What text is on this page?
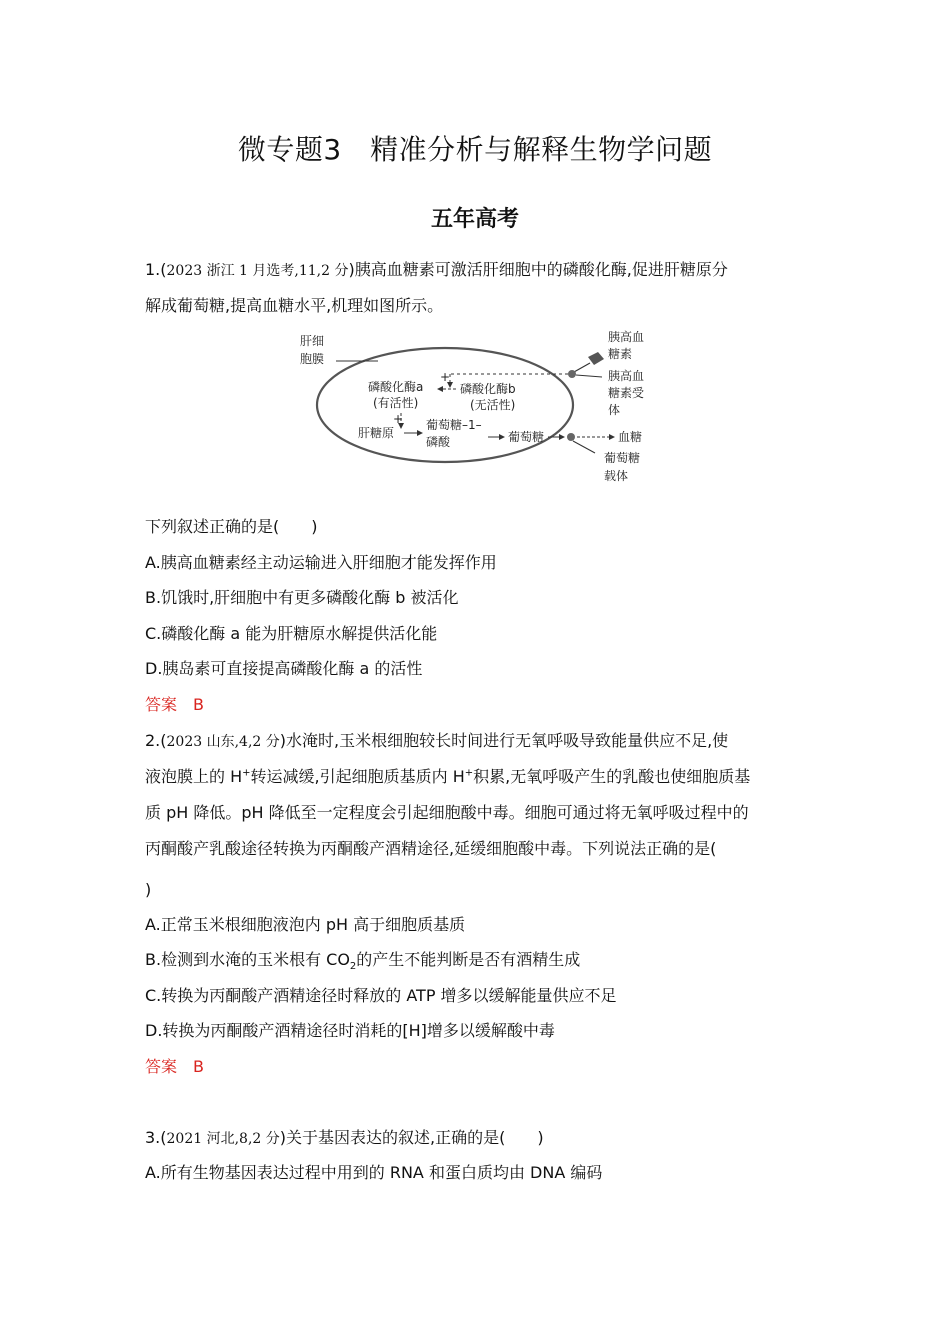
微专题3　精准分析与解释生物学问题
五年高考
1.(2023 浙江 1 月选考,11,2 分)胰高血糖素可激活肝细胞中的磷酸化酶,促进肝糖原分
解成葡萄糖,提高血糖水平,机理如图所示。
肝细
胞膜
胰高血
糖素
胰高血
糖素受
体
+
磷酸化酶b
(无活性)
磷酸化酶a
(有活性)
+
肝糖原
葡萄糖–1–
磷酸	葡萄糖	血糖
葡萄糖
载体
下列叙述正确的是(　　)
A.胰高血糖素经主动运输进入肝细胞才能发挥作用
B.饥饿时,肝细胞中有更多磷酸化酶 b 被活化
C.磷酸化酶 a 能为肝糖原水解提供活化能
D.胰岛素可直接提高磷酸化酶 a 的活性
答案 B
2.(2023 山东,4,2 分)水淹时,玉米根细胞较长时间进行无氧呼吸导致能量供应不足,使
液泡膜上的 H+转运减缓,引起细胞质基质内 H+积累,无氧呼吸产生的乳酸也使细胞质基
质 pH 降低。pH 降低至一定程度会引起细胞酸中毒。细胞可通过将无氧呼吸过程中的
丙酮酸产乳酸途径转换为丙酮酸产酒精途径,延缓细胞酸中毒。下列说法正确的是(
)
A.正常玉米根细胞液泡内 pH 高于细胞质基质
B.检测到水淹的玉米根有 $CO_2$的产生不能判断是否有酒精生成
C.转换为丙酮酸产酒精途径时释放的 ATP 增多以缓解能量供应不足
D.转换为丙酮酸产酒精途径时消耗的[H]增多以缓解酸中毒
答案 B
3.(2021 河北,8,2 分)关于基因表达的叙述,正确的是(　　)
A.所有生物基因表达过程中用到的 RNA 和蛋白质均由 DNA 编码
